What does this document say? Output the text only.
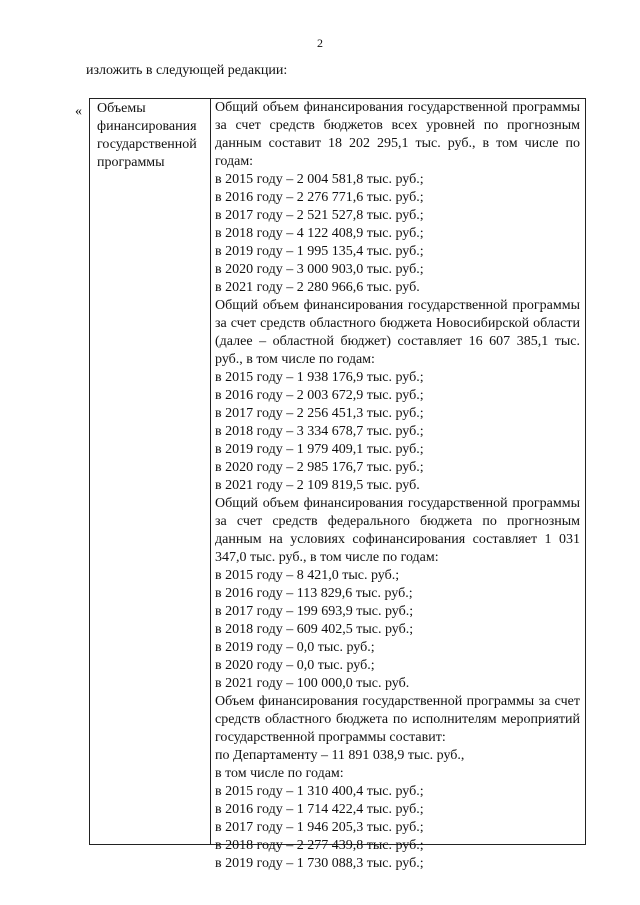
2
изложить в следующей редакции:
« Объемы
финансирования
государственной
программы

Общий объем финансирования государственной программы за счет средств бюджетов всех уровней по прогнозным данным составит 18 202 295,1 тыс. руб., в том числе по годам:

в 2015 году – 2 004 581,8 тыс. руб.;
в 2016 году – 2 276 771,6 тыс. руб.;
в 2017 году – 2 521 527,8 тыс. руб.;
в 2018 году – 4 122 408,9 тыс. руб.;
в 2019 году – 1 995 135,4 тыс. руб.;
в 2020 году – 3 000 903,0 тыс. руб.;
в 2021 году – 2 280 966,6 тыс. руб.

Общий объем финансирования государственной программы за счет средств областного бюджета Новосибирской области (далее – областной бюджет) составляет 16 607 385,1 тыс. руб., в том числе по годам:

в 2015 году – 1 938 176,9 тыс. руб.;
в 2016 году – 2 003 672,9 тыс. руб.;
в 2017 году – 2 256 451,3 тыс. руб.;
в 2018 году – 3 334 678,7 тыс. руб.;
в 2019 году – 1 979 409,1 тыс. руб.;
в 2020 году – 2 985 176,7 тыс. руб.;
в 2021 году – 2 109 819,5 тыс. руб.

Общий объем финансирования государственной программы за счет средств федерального бюджета по прогнозным данным на условиях софинансирования составляет 1 031 347,0 тыс. руб., в том числе по годам:

в 2015 году – 8 421,0 тыс. руб.;
в 2016 году – 113 829,6 тыс. руб.;
в 2017 году – 199 693,9 тыс. руб.;
в 2018 году – 609 402,5 тыс. руб.;
в 2019 году – 0,0 тыс. руб.;
в 2020 году – 0,0 тыс. руб.;
в 2021 году – 100 000,0 тыс. руб.

Объем финансирования государственной программы за счет средств областного бюджета по исполнителям мероприятий государственной программы составит:

по Департаменту – 11 891 038,9 тыс. руб.,
в том числе по годам:
в 2015 году – 1 310 400,4 тыс. руб.;
в 2016 году – 1 714 422,4 тыс. руб.;
в 2017 году – 1 946 205,3 тыс. руб.;
в 2018 году – 2 277 439,8 тыс. руб.;
в 2019 году – 1 730 088,3 тыс. руб.;
